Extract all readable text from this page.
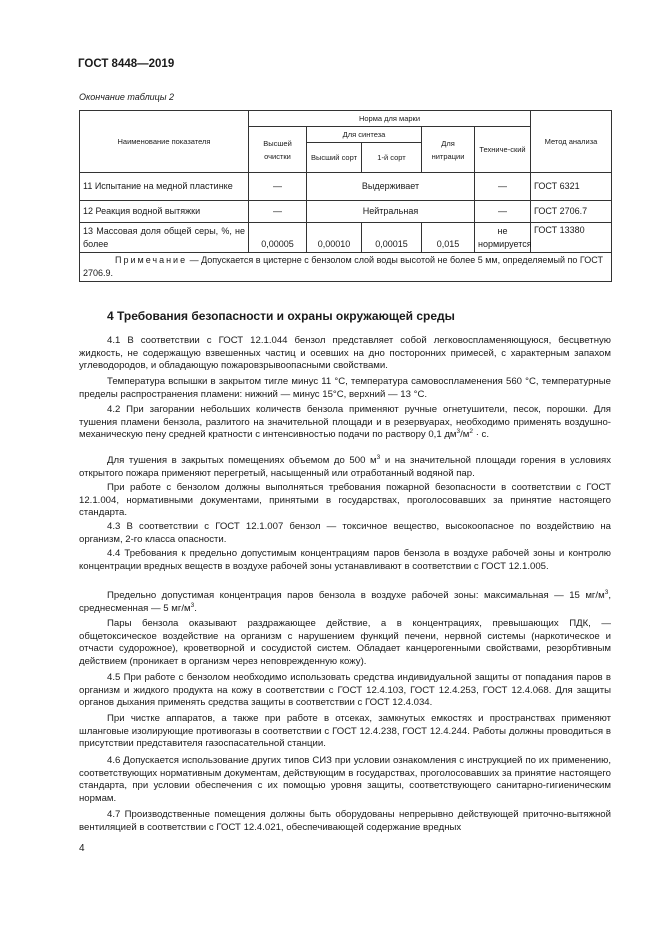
ГОСТ 8448—2019
Окончание таблицы 2
Наименование показателя	Норма для марки					Метод анализа
	Высшей очистки	Для синтеза		Для нитрации	Техниче-ский	
		Высший сорт	1-й сорт			
11 Испытание на медной пластинке	—	Выдерживает			—	ГОСТ 6321
12 Реакция водной вытяжки	—	Нейтральная			—	ГОСТ 2706.7
13 Массовая доля общей серы, %, не более	0,00005	0,00010	0,00015	0,015	не нормируется	ГОСТ 13380
Примечание — Допускается в цистерне с бензолом слой воды высотой не более 5 мм, определяемый по ГОСТ 2706.9.						
4 Требования безопасности и охраны окружающей среды

4.1 В соответствии с ГОСТ 12.1.044 бензол представляет собой легковоспламеняющуюся, бесцветную жидкость, не содержащую взвешенных частиц и осевших на дно посторонних примесей, с характерным запахом углеводородов, и обладающую пожаровзрывоопасными свойствами.

Температура вспышки в закрытом тигле минус 11 °С, температура самовоспламенения 560 °С, температурные пределы распространения пламени: нижний — минус 15°С, верхний — 13 °С.

4.2 При загорании небольших количеств бензола применяют ручные огнетушители, песок, порошки. Для тушения пламени бензола, разлитого на значительной площади и в резервуарах, необходимо применять воздушно-механическую пену средней кратности с интенсивностью подачи по раствору 0,1 $дм^3/м^2 \cdot с$.

Для тушения в закрытых помещениях объемом до 500 $м^3$ и на значительной площади горения в условиях открытого пожара применяют перегретый, насыщенный или отработанный водяной пар.

При работе с бензолом должны выполняться требования пожарной безопасности в соответствии с ГОСТ 12.1.004, нормативными документами, принятыми в государствах, проголосовавших за принятие настоящего стандарта.

4.3 В соответствии с ГОСТ 12.1.007 бензол — токсичное вещество, высокоопасное по воздействию на организм, 2-го класса опасности.

4.4 Требования к предельно допустимым концентрациям паров бензола в воздухе рабочей зоны и контролю концентрации вредных веществ в воздухе рабочей зоны устанавливают в соответствии с ГОСТ 12.1.005.

Предельно допустимая концентрация паров бензола в воздухе рабочей зоны: максимальная — 15 $мг/м^3$, среднесменная — 5 $мг/м^3$.

Пары бензола оказывают раздражающее действие, а в концентрациях, превышающих ПДК, — общетоксическое воздействие на организм с нарушением функций печени, нервной системы (наркотическое и отчасти судорожное), кроветворной и сосудистой систем. Обладает канцерогенными свойствами, резорбтивным действием (проникает в организм через неповрежденную кожу).

4.5 При работе с бензолом необходимо использовать средства индивидуальной защиты от попадания паров в организм и жидкого продукта на кожу в соответствии с ГОСТ 12.4.103, ГОСТ 12.4.253, ГОСТ 12.4.068. Для защиты органов дыхания применять средства защиты в соответствии с ГОСТ 12.4.034.

При чистке аппаратов, а также при работе в отсеках, замкнутых емкостях и пространствах применяют шланговые изолирующие противогазы в соответствии с ГОСТ 12.4.238, ГОСТ 12.4.244. Работы должны проводиться в присутствии представителя газоспасательной станции.

4.6 Допускается использование других типов СИЗ при условии ознакомления с инструкцией по их применению, соответствующих нормативным документам, действующим в государствах, проголосовавших за принятие настоящего стандарта, при условии обеспечения с их помощью уровня защиты, соответствующего санитарно-гигиеническим нормам.

4.7 Производственные помещения должны быть оборудованы непрерывно действующей приточно-вытяжной вентиляцией в соответствии с ГОСТ 12.4.021, обеспечивающей содержание вредных

4
